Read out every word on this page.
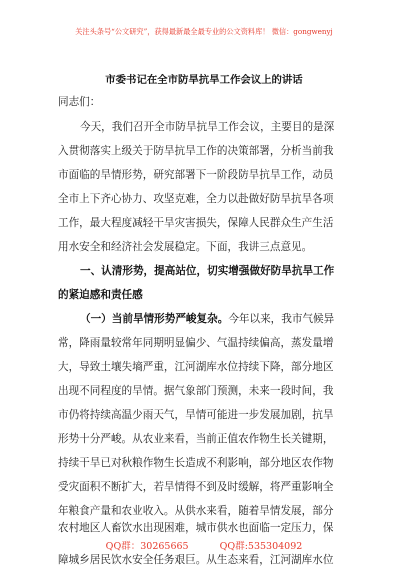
关注头条号“公文研究”，获得最新最全最专业的公文资料库！ 微信：gongwenyj
市委书记在全市防旱抗旱工作会议上的讲话
同志们：
今天，我们召开全市防旱抗旱工作会议，主要目的是深
入贯彻落实上级关于防旱抗旱工作的决策部署，分析当前我
市面临的旱情形势，研究部署下一阶段防旱抗旱工作，动员
全市上下齐心协力、攻坚克难，全力以赴做好防旱抗旱各项
工作，最大程度减轻干旱灾害损失，保障人民群众生产生活
用水安全和经济社会发展稳定。下面，我讲三点意见。
一、认清形势，提高站位，切实增强做好防旱抗旱工作
的紧迫感和责任感
（一）当前旱情形势严峻复杂。今年以来，我市气候异
常，降雨量较常年同期明显偏少、气温持续偏高，蒸发量增
大，导致土壤失墒严重，江河湖库水位持续下降，部分地区
出现不同程度的旱情。据气象部门预测，未来一段时间，我
市仍将持续高温少雨天气，旱情可能进一步发展加剧，抗旱
形势十分严峻。从农业来看，当前正值农作物生长关键期，
持续干旱已对秋粮作物生长造成不利影响，部分地区农作物
受灾面积不断扩大，若旱情得不到及时缓解，将严重影响全
年粮食产量和农业收入。从供水来看，随着旱情发展，部分
农村地区人畜饮水出现困难，城市供水也面临一定压力，保
障城乡居民饮水安全任务艰巨。从生态来看，江河湖库水位
QQ群：30265665	QQ群:535304092
